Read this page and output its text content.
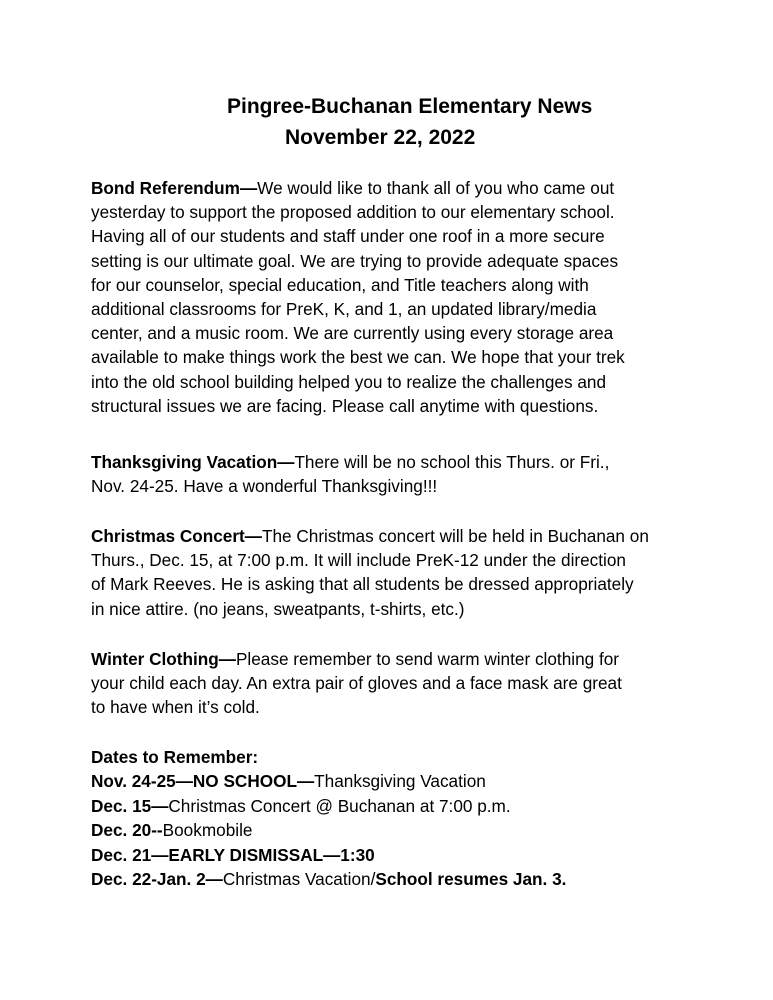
Pingree-Buchanan Elementary News
November 22, 2022
Bond Referendum—We would like to thank all of you who came out
yesterday to support the proposed addition to our elementary school.
Having all of our students and staff under one roof in a more secure
setting is our ultimate goal. We are trying to provide adequate spaces
for our counselor, special education, and Title teachers along with
additional classrooms for PreK, K, and 1, an updated library/media
center, and a music room. We are currently using every storage area
available to make things work the best we can. We hope that your trek
into the old school building helped you to realize the challenges and
structural issues we are facing. Please call anytime with questions.
Thanksgiving Vacation—There will be no school this Thurs. or Fri.,
Nov. 24-25. Have a wonderful Thanksgiving!!!
Christmas Concert—The Christmas concert will be held in Buchanan on
Thurs., Dec. 15, at 7:00 p.m. It will include PreK-12 under the direction
of Mark Reeves. He is asking that all students be dressed appropriately
in nice attire. (no jeans, sweatpants, t-shirts, etc.)
Winter Clothing—Please remember to send warm winter clothing for
your child each day. An extra pair of gloves and a face mask are great
to have when it’s cold.
Dates to Remember:
Nov. 24-25—NO SCHOOL—Thanksgiving Vacation
Dec. 15—Christmas Concert @ Buchanan at 7:00 p.m.
Dec. 20--Bookmobile
Dec. 21—EARLY DISMISSAL—1:30
Dec. 22-Jan. 2—Christmas Vacation/School resumes Jan. 3.
